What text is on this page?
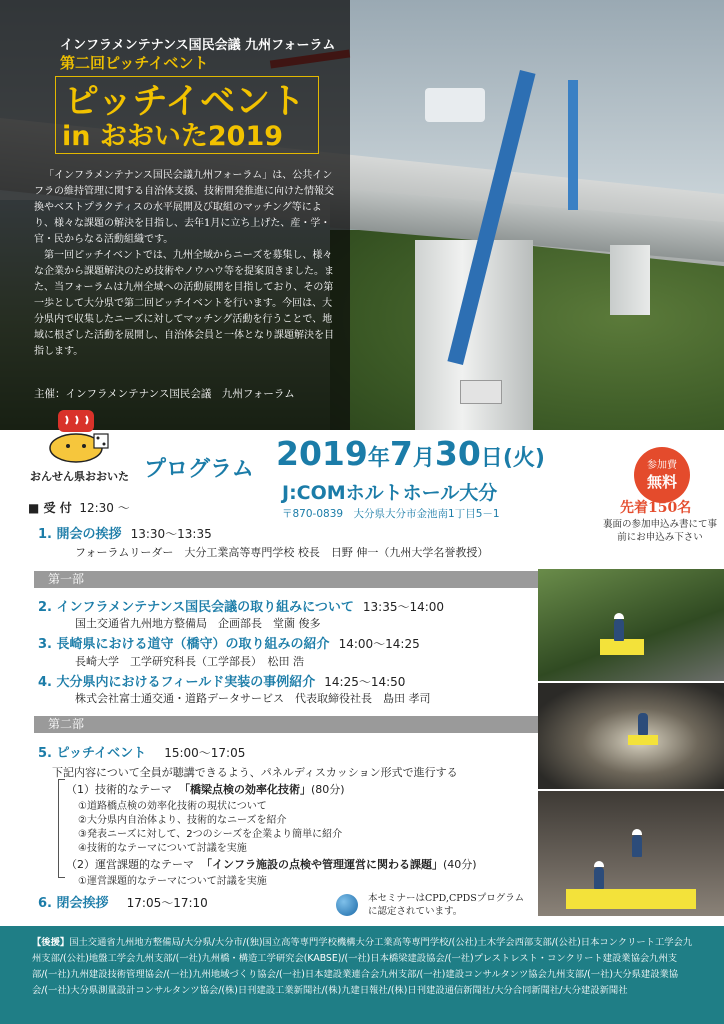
インフラメンテナンス国民会議 九州フォーラム
第二回ピッチイベント
ピッチイベント
in おおいた2019

「インフラメンテナンス国民会議九州フォーラム」は、公共インフラの維持管理に関する自治体支援、技術開発推進に向けた情報交換やベストプラクティスの水平展開及び取組のマッチング等により、様々な課題の解決を目指し、去年1月に立ち上げた、産・学・官・民からなる活動組織です。

第一回ピッチイベントでは、九州全域からニーズを募集し、様々な企業から課題解決のため技術やノウハウ等を提案頂きました。また、当フォーラムは九州全域への活動展開を目指しており、その第一歩として大分県で第二回ピッチイベントを行います。今回は、大分県内で収集したニーズに対してマッチング活動を行うことで、地域に根ざした活動を展開し、自治体会員と一体となり課題解決を目指します。

主催：インフラメンテナンス国民会議　九州フォーラム
おんせん県おおいた プログラム 2019年7月30日(火)
J:COMホルトホール大分
〒870-0839　大分県大分市金池南1丁目5－1
参加費
無料
先着150名
裏面の参加申込み書にて事前にお申込み下さい
■ 受 付 12:30 ～
1. 開会の挨拶 13:30～13:35
フォーラムリーダー　大分工業高等専門学校 校長　日野 伸一（九州大学名誉教授）
第一部
2. インフラメンテナンス国民会議の取り組みについて 13:35～14:00
国土交通省九州地方整備局　企画部長　堂薗 俊多
3. 長崎県における道守（橋守）の取り組みの紹介 14:00～14:25
長崎大学　工学研究科長（工学部長）　松田 浩
4. 大分県内におけるフィールド実装の事例紹介 14:25～14:50
株式会社富士通交通・道路データサービス　代表取締役社長　島田 孝司
第二部
5. ピッチイベント 15:00～17:05
下記内容について全員が聴講できるよう、パネルディスカッション形式で進行する
（1）技術的なテーマ 「橋梁点検の効率化技術」(80分)
①道路橋点検の効率化技術の現状について
②大分県内自治体より、技術的なニーズを紹介
③発表ニーズに対して、2つのシーズを企業より簡単に紹介
④技術的なテーマについて討議を実施
（2）運営課題的なテーマ 「インフラ施設の点検や管理運営に関わる課題」(40分)
①運営課題的なテーマについて討議を実施
6. 閉会挨拶 17:05～17:10	本セミナーはCPD,CPDSプログラムに認定されています。
【後援】国土交通省九州地方整備局/大分県/大分市/(独)国立高等専門学校機構大分工業高等専門学校/(公社)土木学会西部支部/(公社)日本コンクリート工学会九州支部/(公社)地盤工学会九州支部/(一社)九州橋・構造工学研究会(KABSE)/(一社)日本橋梁建設協会/(一社)プレストレスト・コンクリート建設業協会九州支部/(一社)九州建設技術管理協会/(一社)九州地域づくり協会/(一社)日本建設業連合会九州支部/(一社)建設コンサルタンツ協会九州支部/(一社)大分県建設業協会/(一社)大分県測量設計コンサルタンツ協会/(株)日刊建設工業新聞社/(株)九建日報社/(株)日刊建設通信新聞社/大分合同新聞社/大分建設新聞社
